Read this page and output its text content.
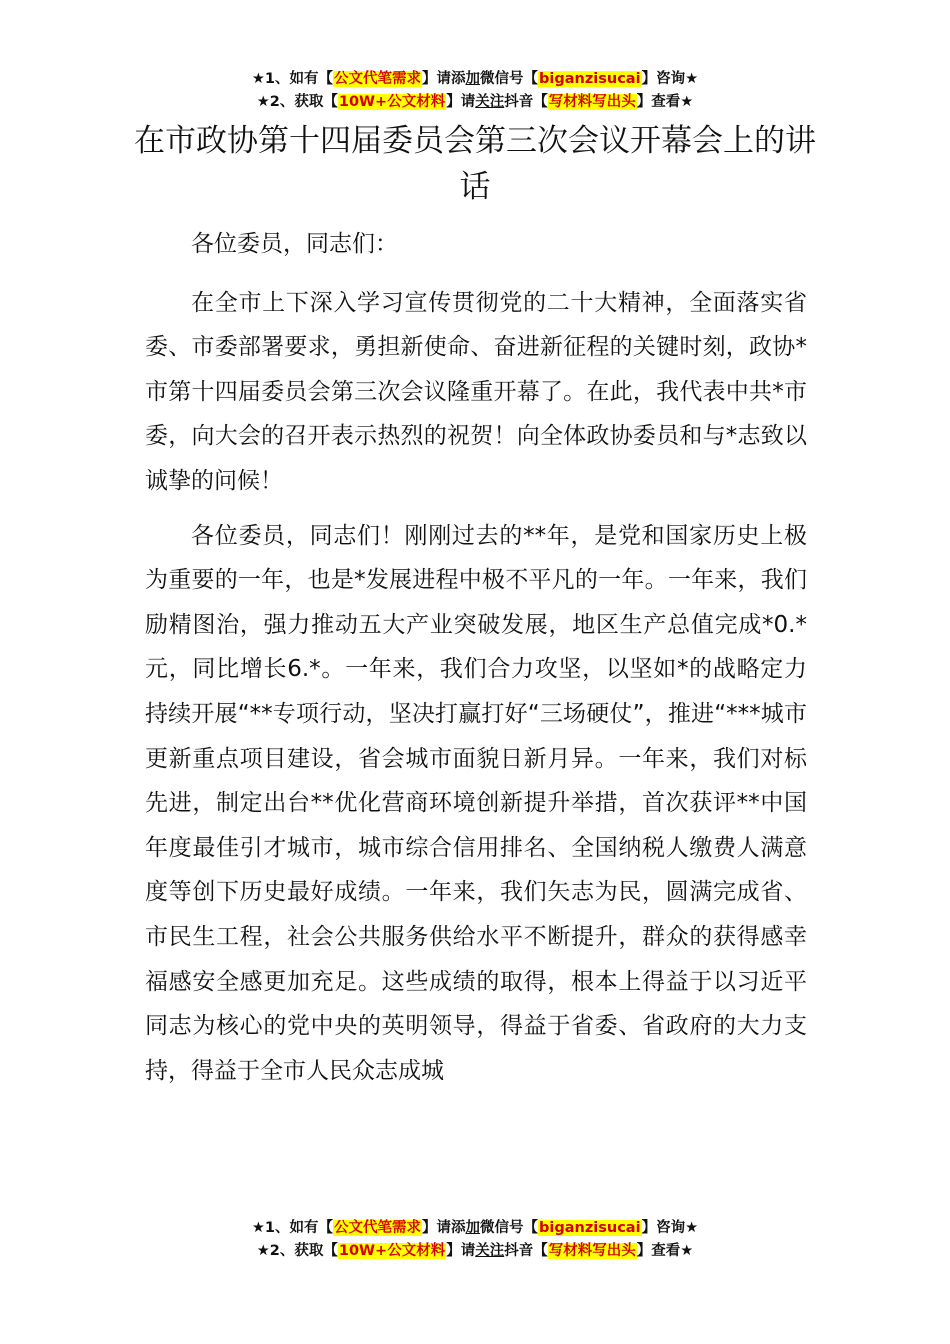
★1、如有【公文代笔需求】请添加微信号【biganzisucai】咨询★
★2、获取【10W+公文材料】请关注抖音【写材料写出头】查看★
在市政协第十四届委员会第三次会议开幕会上的讲话

各位委员，同志们：

在全市上下深入学习宣传贯彻党的二十大精神，全面落实省委、市委部署要求，勇担新使命、奋进新征程的关键时刻，政协*市第十四届委员会第三次会议隆重开幕了。在此，我代表中共*市委，向大会的召开表示热烈的祝贺！向全体政协委员和与*志致以诚挚的问候！

各位委员，同志们！刚刚过去的**年，是党和国家历史上极为重要的一年，也是*发展进程中极不平凡的一年。一年来，我们励精图治，强力推动五大产业突破发展，地区生产总值完成*0.*元，同比增长6.*。一年来，我们合力攻坚，以坚如*的战略定力持续开展“**专项行动，坚决打赢打好“三场硬仗”，推进“***城市更新重点项目建设，省会城市面貌日新月异。一年来，我们对标先进，制定出台**优化营商环境创新提升举措，首次获评**中国年度最佳引才城市，城市综合信用排名、全国纳税人缴费人满意度等创下历史最好成绩。一年来，我们矢志为民，圆满完成省、市民生工程，社会公共服务供给水平不断提升，群众的获得感幸福感安全感更加充足。这些成绩的取得，根本上得益于以习近平同志为核心的党中央的英明领导，得益于省委、省政府的大力支持，得益于全市人民众志成城

★1、如有【公文代笔需求】请添加微信号【biganzisucai】咨询★
★2、获取【10W+公文材料】请关注抖音【写材料写出头】查看★
